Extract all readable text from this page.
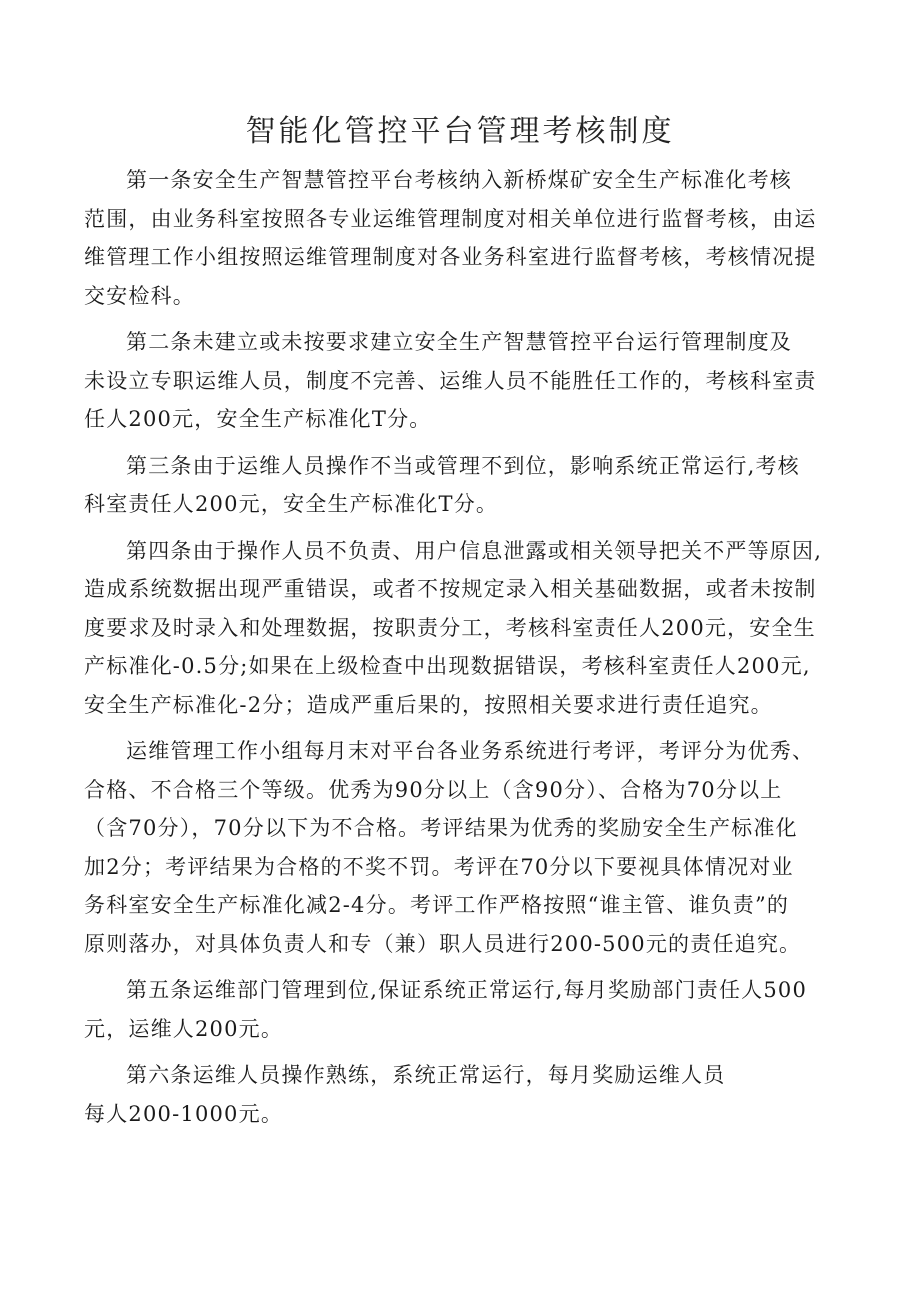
智能化管控平台管理考核制度

第一条安全生产智慧管控平台考核纳入新桥煤矿安全生产标准化考核
范围，由业务科室按照各专业运维管理制度对相关单位进行监督考核，由运
维管理工作小组按照运维管理制度对各业务科室进行监督考核，考核情况提
交安检科。

第二条未建立或未按要求建立安全生产智慧管控平台运行管理制度及
未设立专职运维人员，制度不完善、运维人员不能胜任工作的，考核科室责
任人200元，安全生产标准化T分。

第三条由于运维人员操作不当或管理不到位，影响系统正常运行,考核
科室责任人200元，安全生产标准化T分。

第四条由于操作人员不负责、用户信息泄露或相关领导把关不严等原因,
造成系统数据出现严重错误，或者不按规定录入相关基础数据，或者未按制
度要求及时录入和处理数据，按职责分工，考核科室责任人200元，安全生
产标准化-0.5分;如果在上级检查中出现数据错误，考核科室责任人200元,
安全生产标准化-2分；造成严重后果的，按照相关要求进行责任追究。

运维管理工作小组每月末对平台各业务系统进行考评，考评分为优秀、
合格、不合格三个等级。优秀为90分以上（含90分）、合格为70分以上
（含70分），70分以下为不合格。考评结果为优秀的奖励安全生产标准化
加2分；考评结果为合格的不奖不罚。考评在70分以下要视具体情况对业
务科室安全生产标准化减2-4分。考评工作严格按照“谁主管、谁负责”的
原则落办，对具体负责人和专（兼）职人员进行200-500元的责任追究。

第五条运维部门管理到位,保证系统正常运行,每月奖励部门责任人500
元，运维人200元。

第六条运维人员操作熟练，系统正常运行，每月奖励运维人员
每人200-1000元。
